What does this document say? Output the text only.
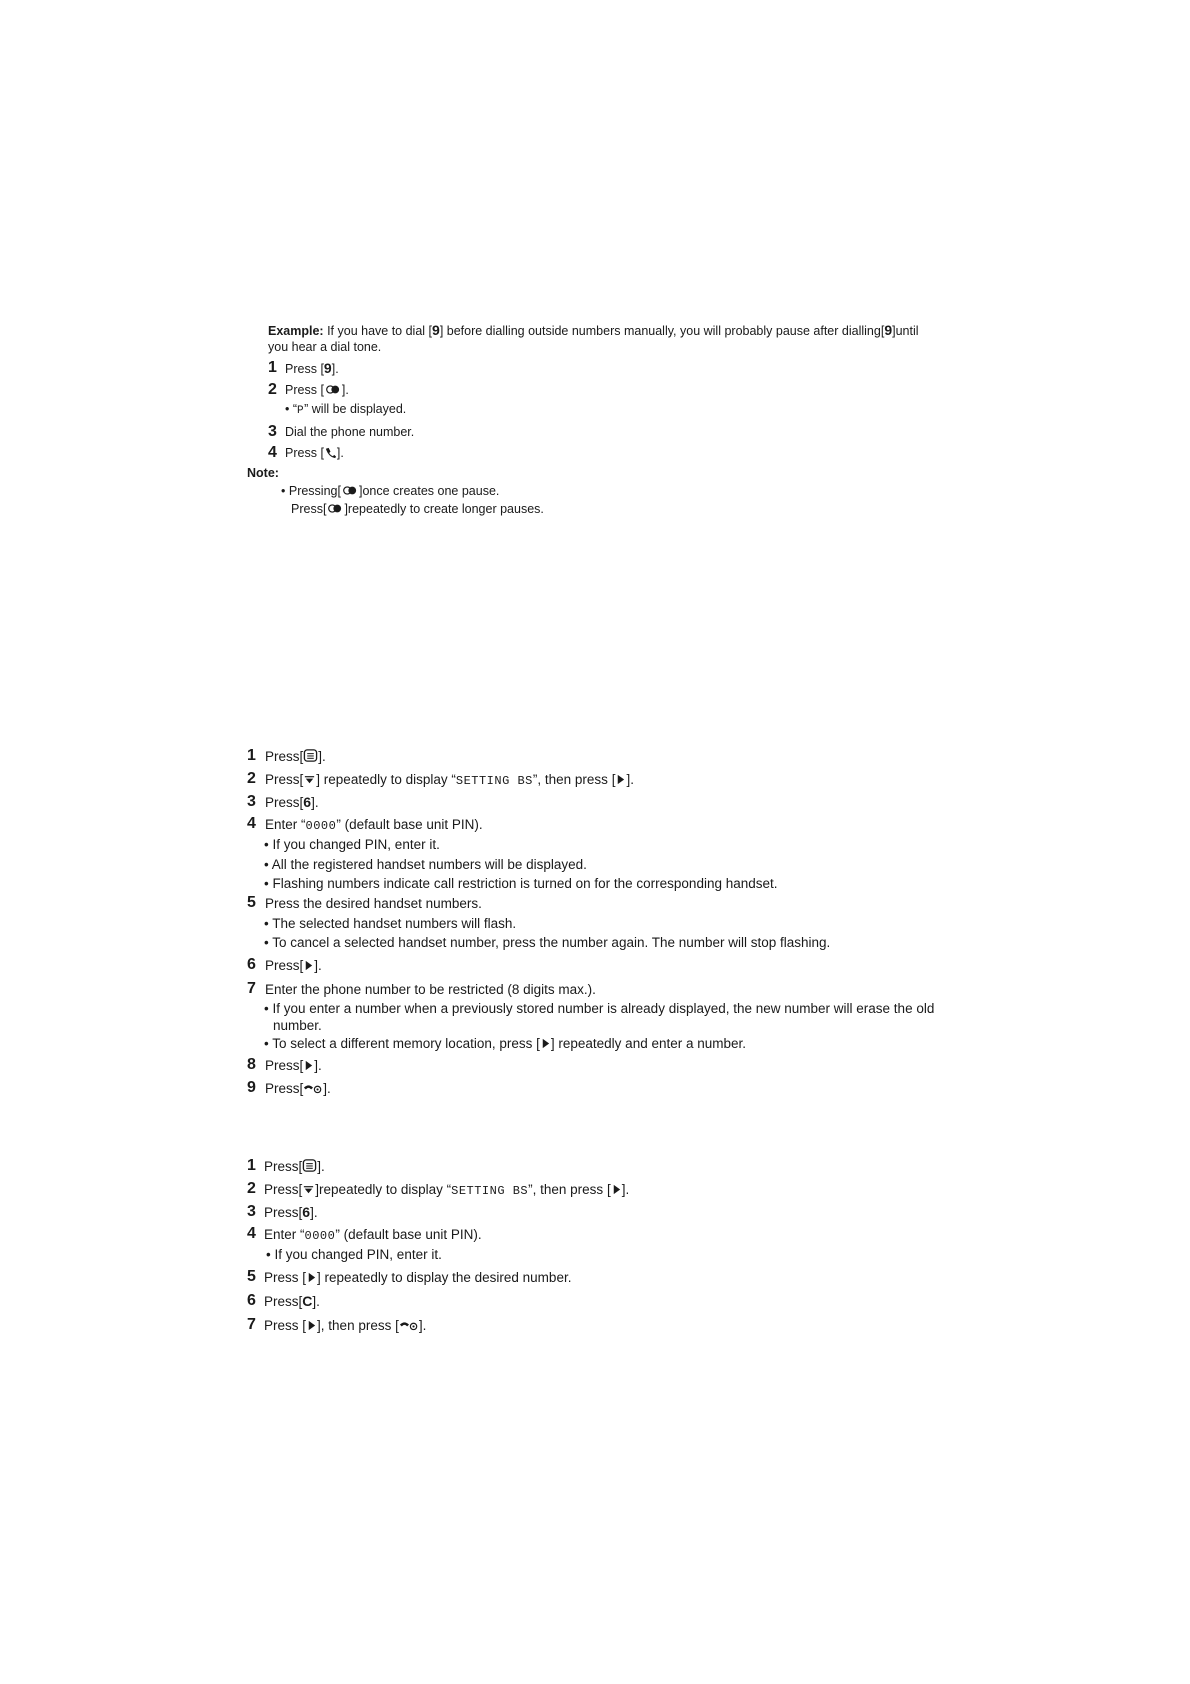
Example: If you have to dial [9] before dialling outside numbers manually, you will probably pause after dialling[9]until
you hear a dial tone.
1 Press [9].
2 Press [ ].
• “P” will be displayed.
3 Dial the phone number.
4 Press [ ].
Note:
• Pressing[ ]once creates one pause.
Press[ ]repeatedly to create longer pauses.
1 Press[ ].
2 Press[ ] repeatedly to display “SETTING BS”, then press [ ].
3 Press[6].
4 Enter “0000” (default base unit PIN).
• If you changed PIN, enter it.
• All the registered handset numbers will be displayed.
• Flashing numbers indicate call restriction is turned on for the corresponding handset.
5 Press the desired handset numbers.
• The selected handset numbers will flash.
• To cancel a selected handset number, press the number again. The number will stop flashing.
6 Press[ ].
7 Enter the phone number to be restricted (8 digits max.).
• If you enter a number when a previously stored number is already displayed, the new number will erase the old
number.
• To select a different memory location, press [ ] repeatedly and enter a number.
8 Press[ ].
9 Press[ ].
1 Press[ ].
2 Press[ ]repeatedly to display “SETTING BS”, then press [ ].
3 Press[6].
4 Enter “0000” (default base unit PIN).
• If you changed PIN, enter it.
5 Press [ ] repeatedly to display the desired number.
6 Press[C].
7 Press [ ], then press [ ].
